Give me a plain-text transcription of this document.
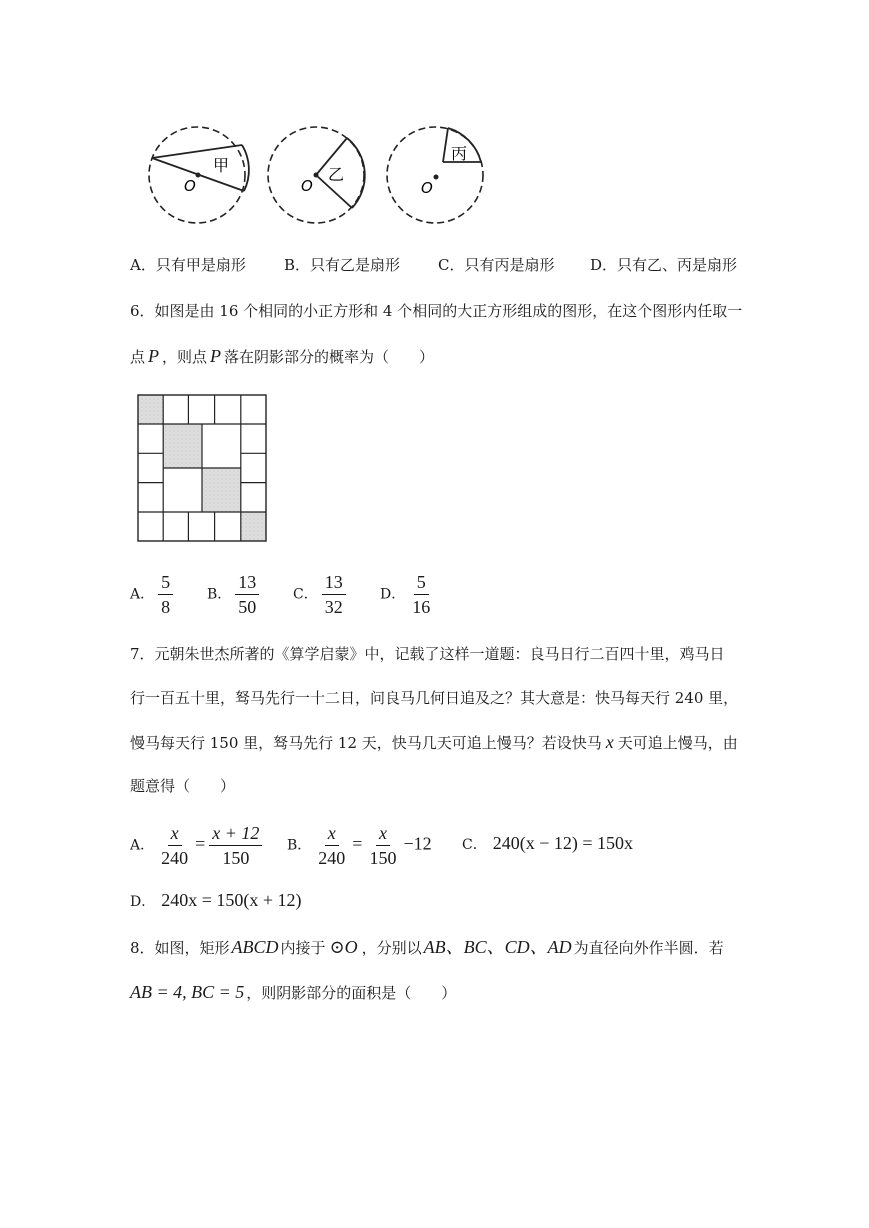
O
甲
O
乙
O
丙
A．只有甲是扇形	B．只有乙是扇形	C．只有丙是扇形 D．只有乙、丙是扇形
6．如图是由 16 个相同的小正方形和 4 个相同的大正方形组成的图形，在这个图形内任取一
点 P ，则点 P 落在阴影部分的概率为（　　）
A． $\frac{5}{8}$ B． $\frac{13}{50}$ C． $\frac{13}{32}$ D． $\frac{5}{16}$
7．元朝朱世杰所著的《算学启蒙》中，记载了这样一道题：良马日行二百四十里，鸡马日
行一百五十里，驽马先行一十二日，问良马几何日追及之？其大意是：快马每天行 240 里，
慢马每天行 150 里，驽马先行 12 天，快马几天可追上慢马？若设快马 x 天可追上慢马，由
题意得（　　）
A． $\frac{x}{240} = \frac{x + 12}{150}$ B． $\frac{x}{240} = \frac{x}{150} -12$ C． 240(x − 12) = 150x
D． 240x = 150(x + 12)
8．如图，矩形 ABCD 内接于 ⊙O ，分别以 AB、BC、CD、AD 为直径向外作半圆．若
AB = 4, BC = 5 ，则阴影部分的面积是（　　）
